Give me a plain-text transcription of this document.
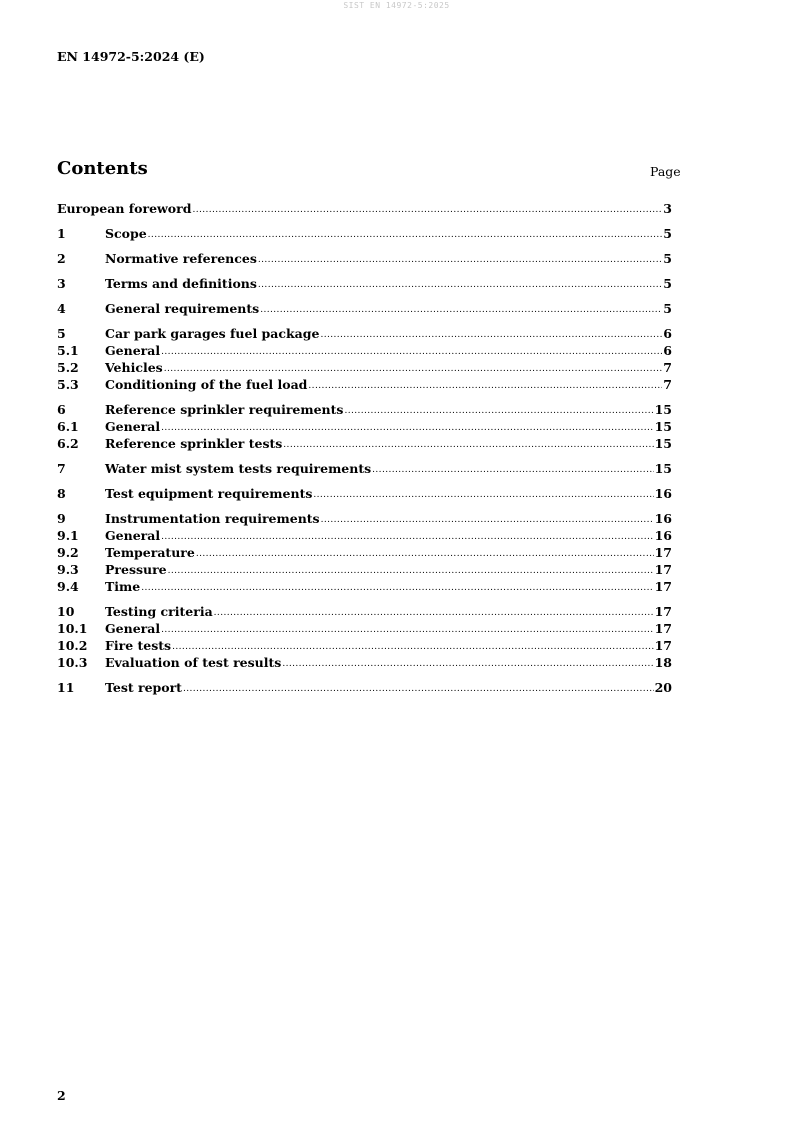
SIST EN 14972-5:2025
EN 14972-5:2024 (E)
Contents	Page
European foreword .....	3
1	Scope .....	5
2	Normative references .....	5
3	Terms and definitions .....	5
4	General requirements .....	5
5	Car park garages fuel package .....	6
5.1	General .....	6
5.2	Vehicles .....	7
5.3	Conditioning of the fuel load .....	7
6	Reference sprinkler requirements .....	15
6.1	General .....	15
6.2	Reference sprinkler tests .....	15
7	Water mist system tests requirements .....	15
8	Test equipment requirements .....	16
9	Instrumentation requirements .....	16
9.1	General .....	16
9.2	Temperature .....	17
9.3	Pressure .....	17
9.4	Time .....	17
10	Testing criteria .....	17
10.1	General .....	17
10.2	Fire tests .....	17
10.3	Evaluation of test results .....	18
11	Test report .....	20
2
